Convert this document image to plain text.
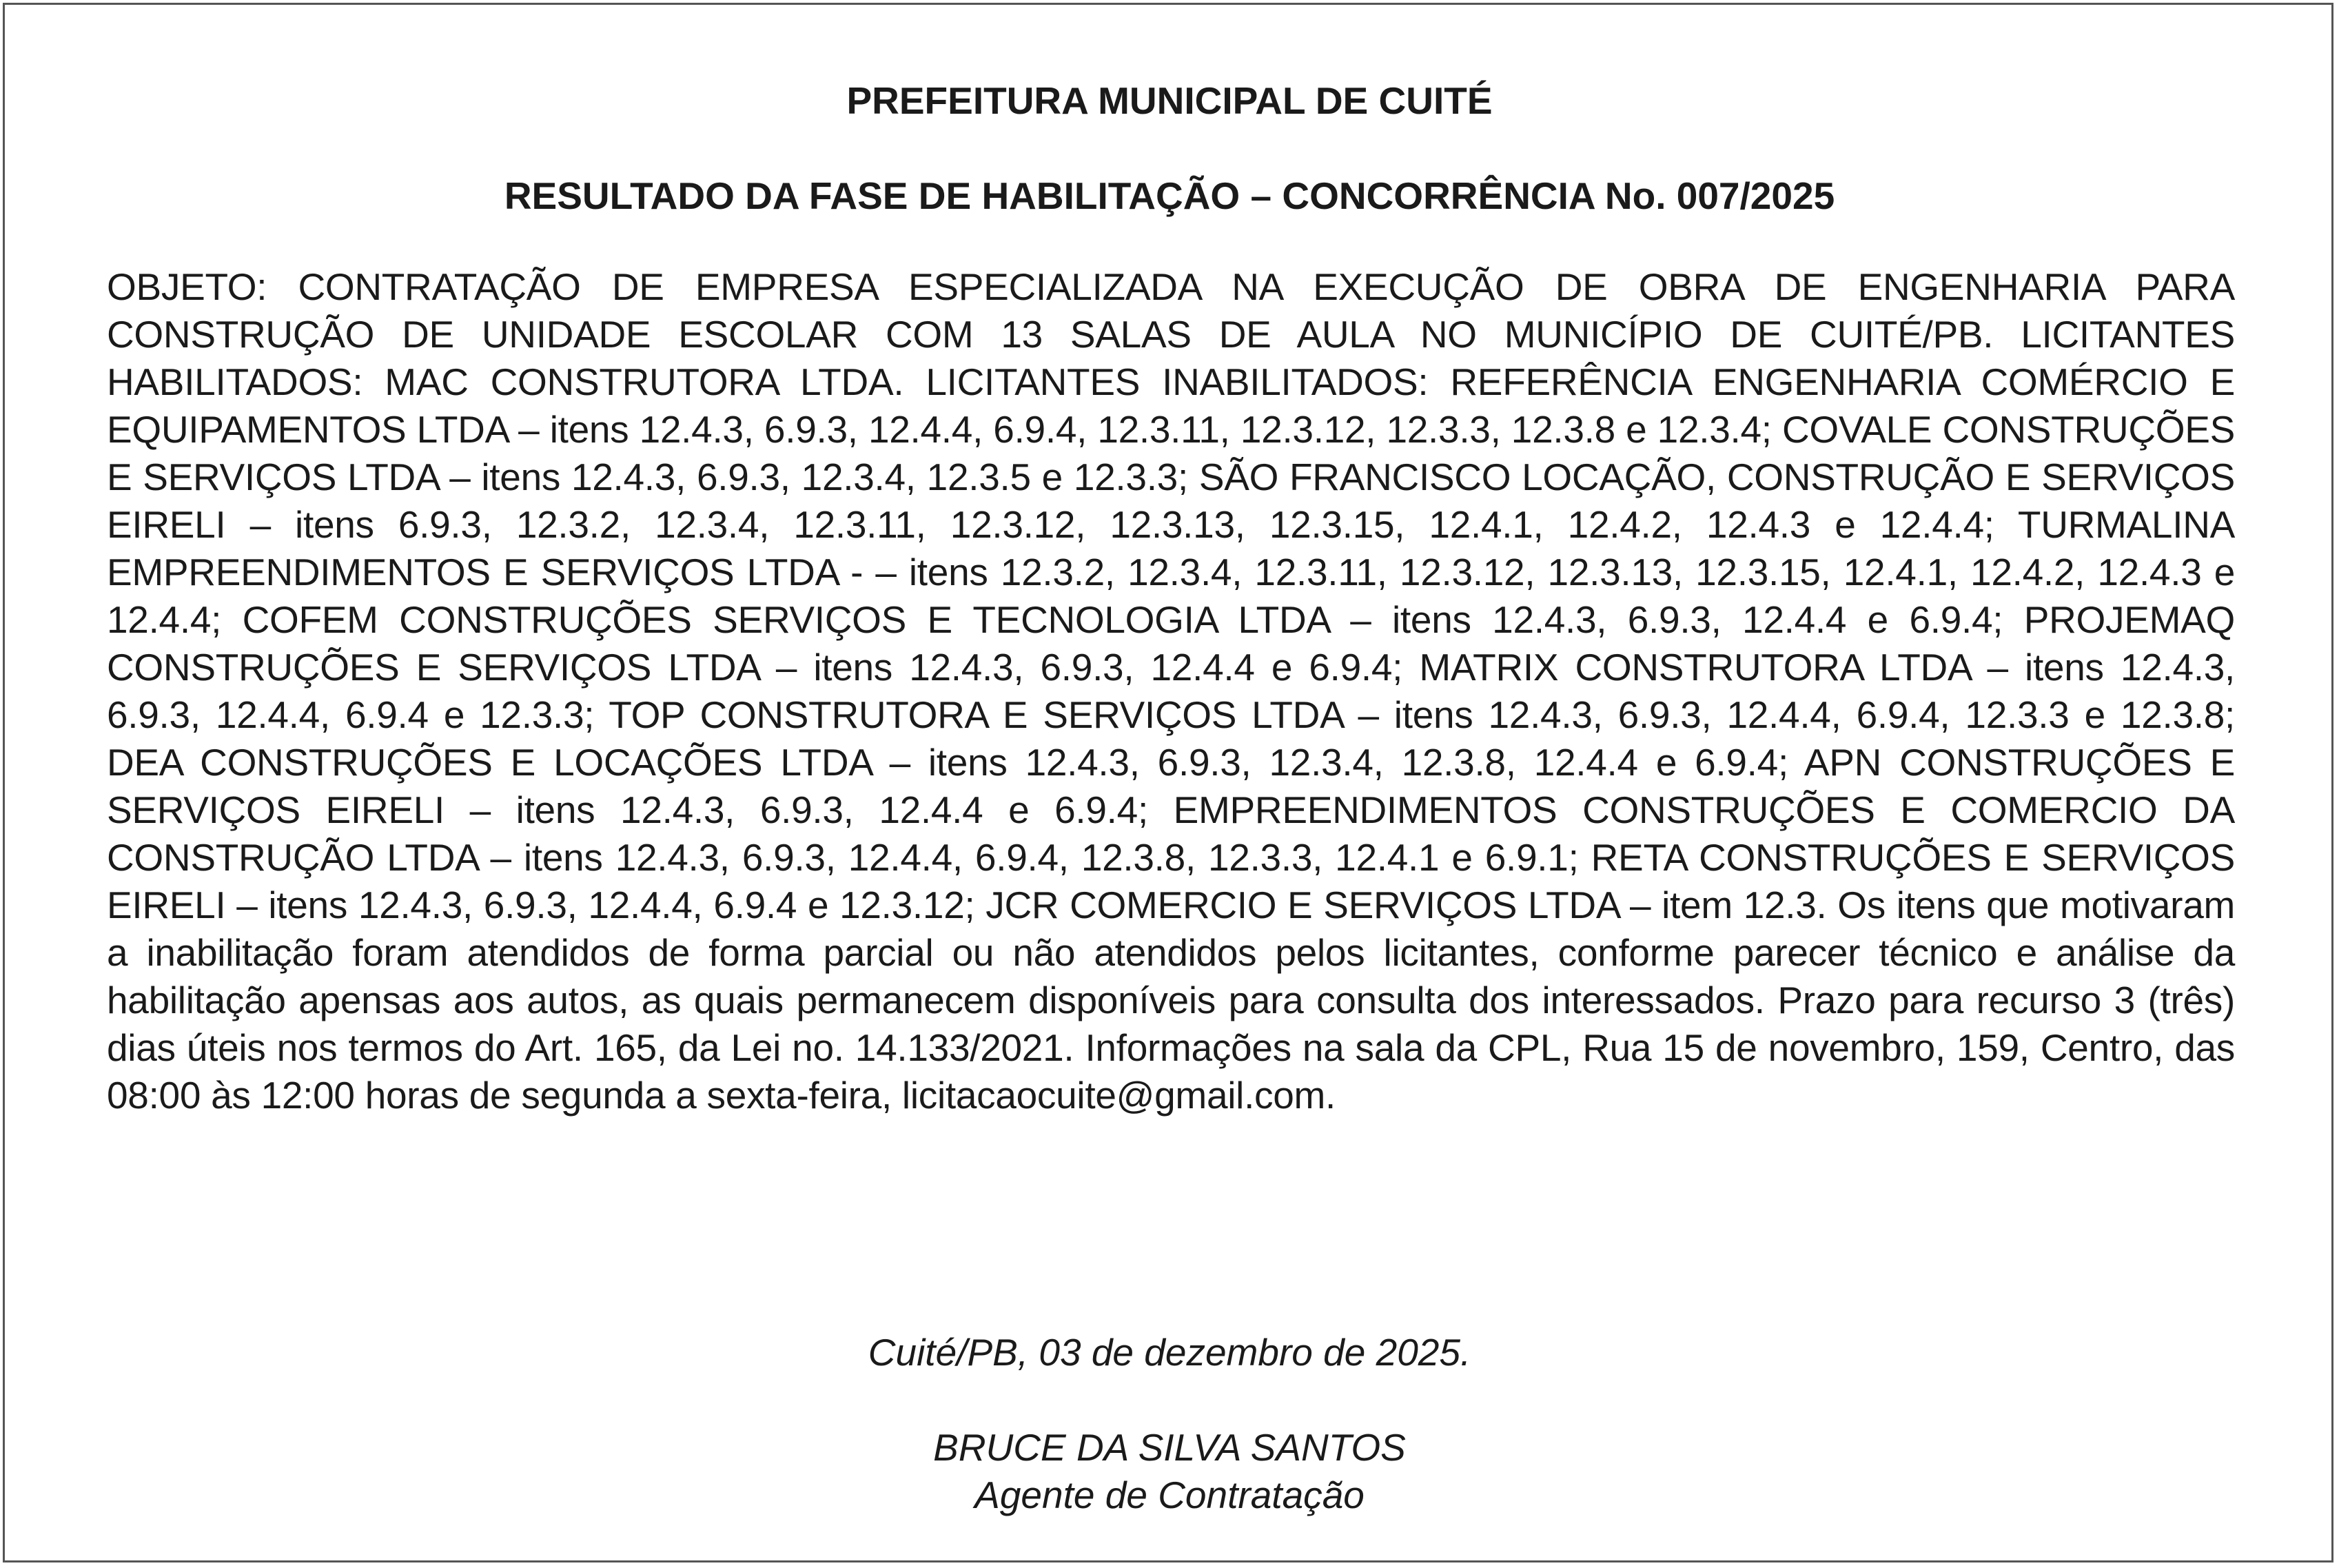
PREFEITURA MUNICIPAL DE CUITÉ

RESULTADO DA FASE DE HABILITAÇÃO – CONCORRÊNCIA No. 007/2025

OBJETO: CONTRATAÇÃO DE EMPRESA ESPECIALIZADA NA EXECUÇÃO DE OBRA DE ENGENHARIA PARA CONSTRUÇÃO DE UNIDADE ESCOLAR COM 13 SALAS DE AULA NO MUNICÍPIO DE CUITÉ/PB. LICITANTES HABILITADOS: MAC CONSTRUTORA LTDA. LICITANTES INABILITADOS: REFERÊNCIA ENGENHARIA COMÉRCIO E EQUIPAMENTOS LTDA – itens 12.4.3, 6.9.3, 12.4.4, 6.9.4, 12.3.11, 12.3.12, 12.3.3, 12.3.8 e 12.3.4; COVALE CONSTRUÇÕES E SERVIÇOS LTDA – itens 12.4.3, 6.9.3, 12.3.4, 12.3.5 e 12.3.3; SÃO FRANCISCO LOCAÇÃO, CONSTRUÇÃO E SERVIÇOS EIRELI – itens 6.9.3, 12.3.2, 12.3.4, 12.3.11, 12.3.12, 12.3.13, 12.3.15, 12.4.1, 12.4.2, 12.4.3 e 12.4.4; TURMALINA EMPREENDIMENTOS E SERVIÇOS LTDA - – itens 12.3.2, 12.3.4, 12.3.11, 12.3.12, 12.3.13, 12.3.15, 12.4.1, 12.4.2, 12.4.3 e 12.4.4; COFEM CONSTRUÇÕES SERVIÇOS E TECNOLOGIA LTDA – itens 12.4.3, 6.9.3, 12.4.4 e 6.9.4; PROJEMAQ CONSTRUÇÕES E SERVIÇOS LTDA – itens 12.4.3, 6.9.3, 12.4.4 e 6.9.4; MATRIX CONSTRUTORA LTDA – itens 12.4.3, 6.9.3, 12.4.4, 6.9.4 e 12.3.3; TOP CONSTRUTORA E SERVIÇOS LTDA – itens 12.4.3, 6.9.3, 12.4.4, 6.9.4, 12.3.3 e 12.3.8; DEA CONSTRUÇÕES E LOCAÇÕES LTDA – itens 12.4.3, 6.9.3, 12.3.4, 12.3.8, 12.4.4 e 6.9.4; APN CONSTRUÇÕES E SERVIÇOS EIRELI – itens 12.4.3, 6.9.3, 12.4.4 e 6.9.4; EMPREENDIMENTOS CONSTRUÇÕES E COMERCIO DA CONSTRUÇÃO LTDA – itens 12.4.3, 6.9.3, 12.4.4, 6.9.4, 12.3.8, 12.3.3, 12.4.1 e 6.9.1; RETA CONSTRUÇÕES E SERVIÇOS EIRELI – itens 12.4.3, 6.9.3, 12.4.4, 6.9.4 e 12.3.12; JCR COMERCIO E SERVIÇOS LTDA – item 12.3. Os itens que motivaram a inabilitação foram atendidos de forma parcial ou não atendidos pelos licitantes, conforme parecer técnico e análise da habilitação apensas aos autos, as quais permanecem disponíveis para consulta dos interessados. Prazo para recurso 3 (três) dias úteis nos termos do Art. 165, da Lei no. 14.133/2021. Informações na sala da CPL, Rua 15 de novembro, 159, Centro, das 08:00 às 12:00 horas de segunda a sexta-feira, licitacaocuite@gmail.com.

Cuité/PB, 03 de dezembro de 2025.

BRUCE DA SILVA SANTOS

Agente de Contratação
